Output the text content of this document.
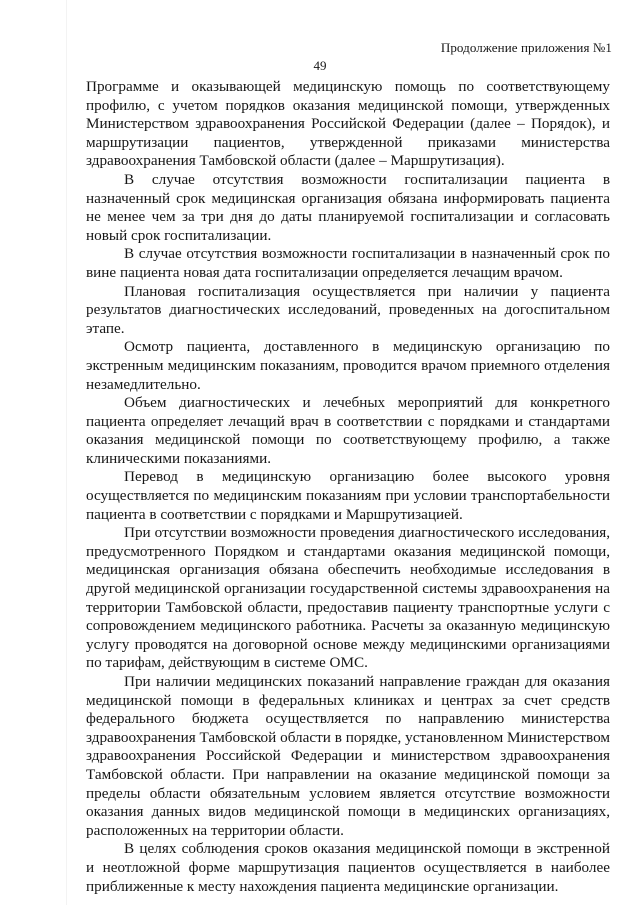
Продолжение приложения №1
49

Программе и оказывающей медицинскую помощь по соответствующему профилю, с учетом порядков оказания медицинской помощи, утвержденных Министерством здравоохранения Российской Федерации (далее – Порядок), и маршрутизации пациентов, утвержденной приказами министерства здравоохранения Тамбовской области (далее – Маршрутизация).

В случае отсутствия возможности госпитализации пациента в назначенный срок медицинская организация обязана информировать пациента не менее чем за три дня до даты планируемой госпитализации и согласовать новый срок госпитализации.

В случае отсутствия возможности госпитализации в назначенный срок по вине пациента новая дата госпитализации определяется лечащим врачом.

Плановая госпитализация осуществляется при наличии у пациента результатов диагностических исследований, проведенных на догоспитальном этапе.

Осмотр пациента, доставленного в медицинскую организацию по экстренным медицинским показаниям, проводится врачом приемного отделения незамедлительно.

Объем диагностических и лечебных мероприятий для конкретного пациента определяет лечащий врач в соответствии с порядками и стандартами оказания медицинской помощи по соответствующему профилю, а также клиническими показаниями.

Перевод в медицинскую организацию более высокого уровня осуществляется по медицинским показаниям при условии транспортабельности пациента в соответствии с порядками и Маршрутизацией.

При отсутствии возможности проведения диагностического исследования, предусмотренного Порядком и стандартами оказания медицинской помощи, медицинская организация обязана обеспечить необходимые исследования в другой медицинской организации государственной системы здравоохранения на территории Тамбовской области, предоставив пациенту транспортные услуги с сопровождением медицинского работника. Расчеты за оказанную медицинскую услугу проводятся на договорной основе между медицинскими организациями по тарифам, действующим в системе ОМС.

При наличии медицинских показаний направление граждан для оказания медицинской помощи в федеральных клиниках и центрах за счет средств федерального бюджета осуществляется по направлению министерства здравоохранения Тамбовской области в порядке, установленном Министерством здравоохранения Российской Федерации и министерством здравоохранения Тамбовской области. При направлении на оказание медицинской помощи за пределы области обязательным условием является отсутствие возможности оказания данных видов медицинской помощи в медицинских организациях, расположенных на территории области.

В целях соблюдения сроков оказания медицинской помощи в экстренной и неотложной форме маршрутизация пациентов осуществляется в наиболее приближенные к месту нахождения пациента медицинские организации.
